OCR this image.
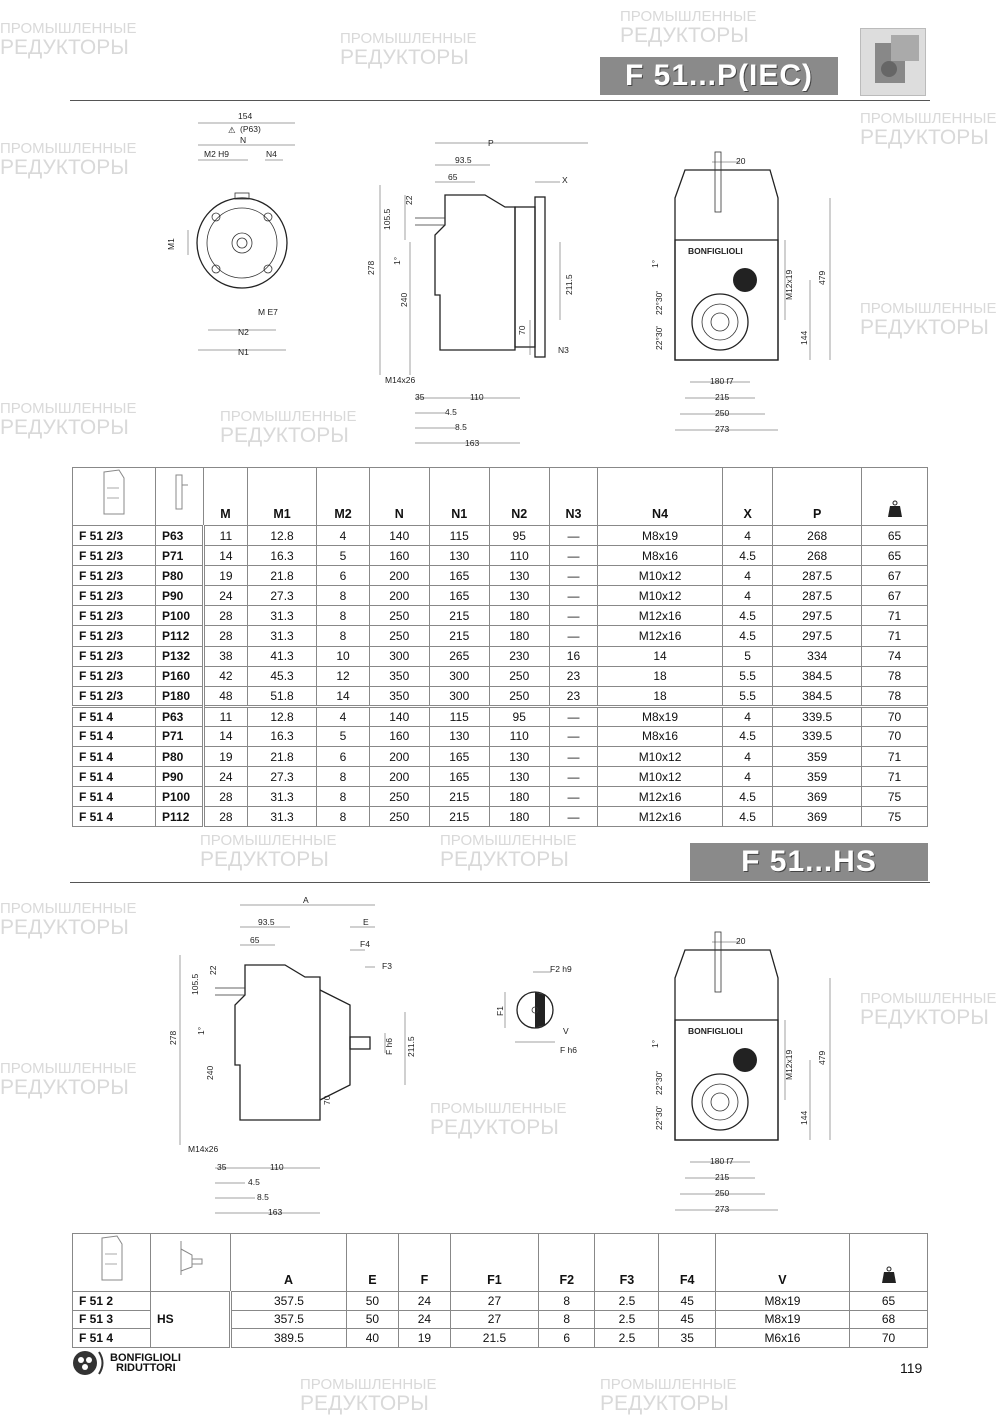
ПРОМЫШЛЕННЫЕ
РЕДУКТОРЫ	ПРОМЫШЛЕННЫЕ
РЕДУКТОРЫ
ПРОМЫШЛЕННЫЕ
РЕДУКТОРЫ
ПРОМЫШЛЕННЫЕ
РЕДУКТОРЫ
ПРОМЫШЛЕННЫЕ
РЕДУКТОРЫ
ПРОМЫШЛЕННЫЕ
РЕДУКТОРЫ
ПРОМЫШЛЕННЫЕ
РЕДУКТОРЫ	ПРОМЫШЛЕННЫЕ
РЕДУКТОРЫ
ПРОМЫШЛЕННЫЕ
РЕДУКТОРЫ
ПРОМЫШЛЕННЫЕ
РЕДУКТОРЫ
ПРОМЫШЛЕННЫЕ
РЕДУКТОРЫ
ПРОМЫШЛЕННЫЕ
РЕДУКТОРЫ
ПРОМЫШЛЕННЫЕ
РЕДУКТОРЫ
ПРОМЫШЛЕННЫЕ
РЕДУКТОРЫ
ПРОМЫШЛЕННЫЕ
РЕДУКТОРЫ
ПРОМЫШЛЕННЫЕ
РЕДУКТОРЫ
F 51...P(IEC)
154
(P63)
⚠
N
M2 H9	N4
M1
M E7
N2
N1
P
93.5
65	X
22
105.5
278 1°
211.5
240
70
N3
M14x26
35	110
4.5
8.5
163
20
1°
BONFIGLIOLI
M12x19	479
22°30'
22°30'	144
180 f7
215
250
273
		M	M1	M2	N	N1	N2	N3	N4	X	P	
F 51 2/3	P63	11	12.8	4	140	115	95	—	M8x19	4	268	65
F 51 2/3	P71	14	16.3	5	160	130	110	—	M8x16	4.5	268	65
F 51 2/3	P80	19	21.8	6	200	165	130	—	M10x12	4	287.5	67
F 51 2/3	P90	24	27.3	8	200	165	130	—	M10x12	4	287.5	67
F 51 2/3	P100	28	31.3	8	250	215	180	—	M12x16	4.5	297.5	71
F 51 2/3	P112	28	31.3	8	250	215	180	—	M12x16	4.5	297.5	71
F 51 2/3	P132	38	41.3	10	300	265	230	16	14	5	334	74
F 51 2/3	P160	42	45.3	12	350	300	250	23	18	5.5	384.5	78
F 51 2/3	P180	48	51.8	14	350	300	250	23	18	5.5	384.5	78
F 51 4	P63	11	12.8	4	140	115	95	—	M8x19	4	339.5	70
F 51 4	P71	14	16.3	5	160	130	110	—	M8x16	4.5	339.5	70
F 51 4	P80	19	21.8	6	200	165	130	—	M10x12	4	359	71
F 51 4	P90	24	27.3	8	200	165	130	—	M10x12	4	359	71
F 51 4	P100	28	31.3	8	250	215	180	—	M12x16	4.5	369	75
F 51 4	P112	28	31.3	8	250	215	180	—	M12x16	4.5	369	75
F 51...HS
A
93.5	E
65	F4
F3
22
105.5
278 1°
F h6 211.5
240
70
M14x26
35	110
4.5
8.5
163
F2 h9
F1
V
F h6
20
1°
BONFIGLIOLI
M12x19	479
22°30'
22°30'	144
180 f7
215
250
273
		A	E	F	F1	F2	F3	F4	V	
F 51 2	HS	357.5	50	24	27	8	2.5	45	M8x19	65
F 51 3		357.5	50	24	27	8	2.5	45	M8x19	68
F 51 4		389.5	40	19	21.5	6	2.5	35	M6x16	70
BONFIGLIOLI
RIDUTTORI	119
